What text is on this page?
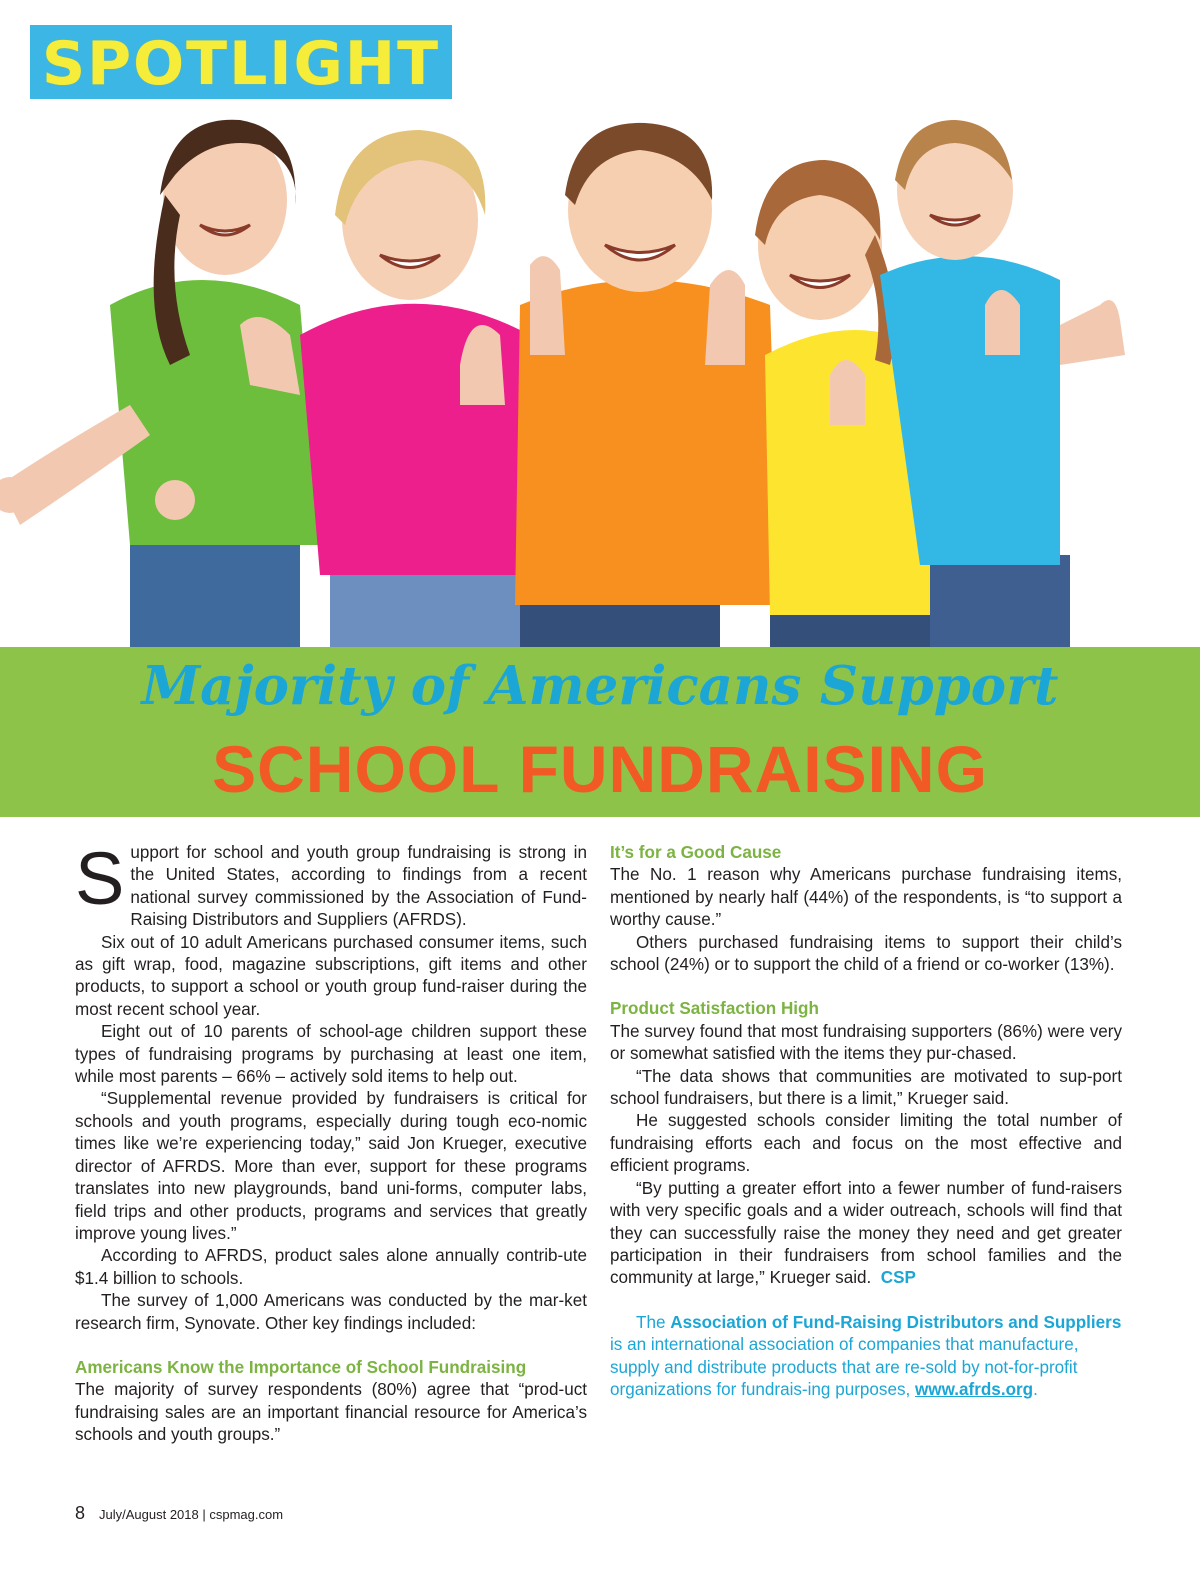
SPOTLIGHT
Majority of Americans Support
SCHOOL FUNDRAISING

Support for school and youth group fundraising is strong in the United States, according to findings from a recent national survey commissioned by the Association of Fund-Raising Distributors and Suppliers (AFRDS).

Six out of 10 adult Americans purchased consumer items, such as gift wrap, food, magazine subscriptions, gift items and other products, to support a school or youth group fund-raiser during the most recent school year.

Eight out of 10 parents of school-age children support these types of fundraising programs by purchasing at least one item, while most parents – 66% – actively sold items to help out.

“Supplemental revenue provided by fundraisers is critical for schools and youth programs, especially during tough eco-nomic times like we’re experiencing today,” said Jon Krueger, executive director of AFRDS. More than ever, support for these programs translates into new playgrounds, band uni-forms, computer labs, field trips and other products, programs and services that greatly improve young lives.”

According to AFRDS, product sales alone annually contrib-ute $1.4 billion to schools.

The survey of 1,000 Americans was conducted by the mar-ket research firm, Synovate. Other key findings included:

Americans Know the Importance of School Fundraising

The majority of survey respondents (80%) agree that “prod-uct fundraising sales are an important financial resource for America’s schools and youth groups.”

It’s for a Good Cause

The No. 1 reason why Americans purchase fundraising items, mentioned by nearly half (44%) of the respondents, is “to support a worthy cause.”

Others purchased fundraising items to support their child’s school (24%) or to support the child of a friend or co-worker (13%).

Product Satisfaction High

The survey found that most fundraising supporters (86%) were very or somewhat satisfied with the items they pur-chased.

“The data shows that communities are motivated to sup-port school fundraisers, but there is a limit,” Krueger said.

He suggested schools consider limiting the total number of fundraising efforts each and focus on the most effective and efficient programs.

“By putting a greater effort into a fewer number of fund-raisers with very specific goals and a wider outreach, schools will find that they can successfully raise the money they need and get greater participation in their fundraisers from school families and the community at large,” Krueger said. CSP

The Association of Fund-Raising Distributors and Suppliers is an international association of companies that manufacture, supply and distribute products that are re-sold by not-for-profit organizations for fundrais-ing purposes, www.afrds.org.

8 July/August 2018 | cspmag.com
